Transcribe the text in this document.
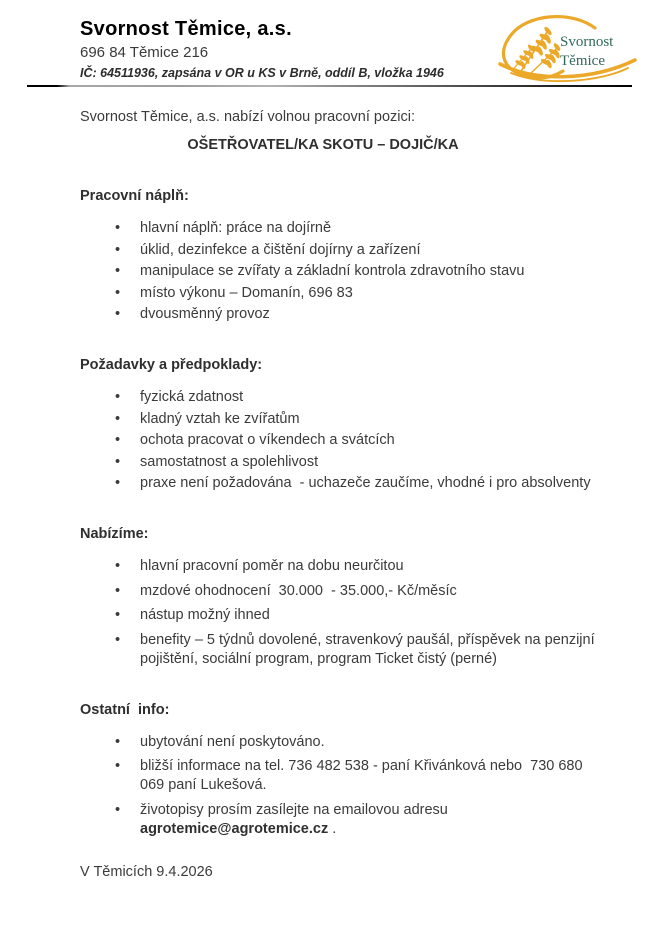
Svornost Těmice, a.s.
696 84 Těmice 216
IČ: 64511936, zapsána v OR u KS v Brně, oddíl B, vložka 1946
Svornost
Těmice
Svornost Těmice, a.s. nabízí volnou pracovní pozici:
OŠETŘOVATEL/KA SKOTU – DOJIČ/KA
Pracovní náplň:
• hlavní náplň: práce na dojírně
• úklid, dezinfekce a čištění dojírny a zařízení
• manipulace se zvířaty a základní kontrola zdravotního stavu
• místo výkonu – Domanín, 696 83
• dvousměnný provoz
Požadavky a předpoklady:
• fyzická zdatnost
• kladný vztah ke zvířatům
• ochota pracovat o víkendech a svátcích
• samostatnost a spolehlivost
• praxe není požadována  - uchazeče zaučíme, vhodné i pro absolventy
Nabízíme:
• hlavní pracovní poměr na dobu neurčitou
• mzdové ohodnocení  30.000  - 35.000,- Kč/měsíc
• nástup možný ihned
• benefity – 5 týdnů dovolené, stravenkový paušál, příspěvek na penzijní pojištění, sociální program, program Ticket čistý (perné)
Ostatní  info:
• ubytování není poskytováno.
• bližší informace na tel. 736 482 538 - paní Křivánková nebo  730 680 069 paní Lukešová.
• životopisy prosím zasílejte na emailovou adresu  agrotemice@agrotemice.cz .
V Těmicích 9.4.2026
